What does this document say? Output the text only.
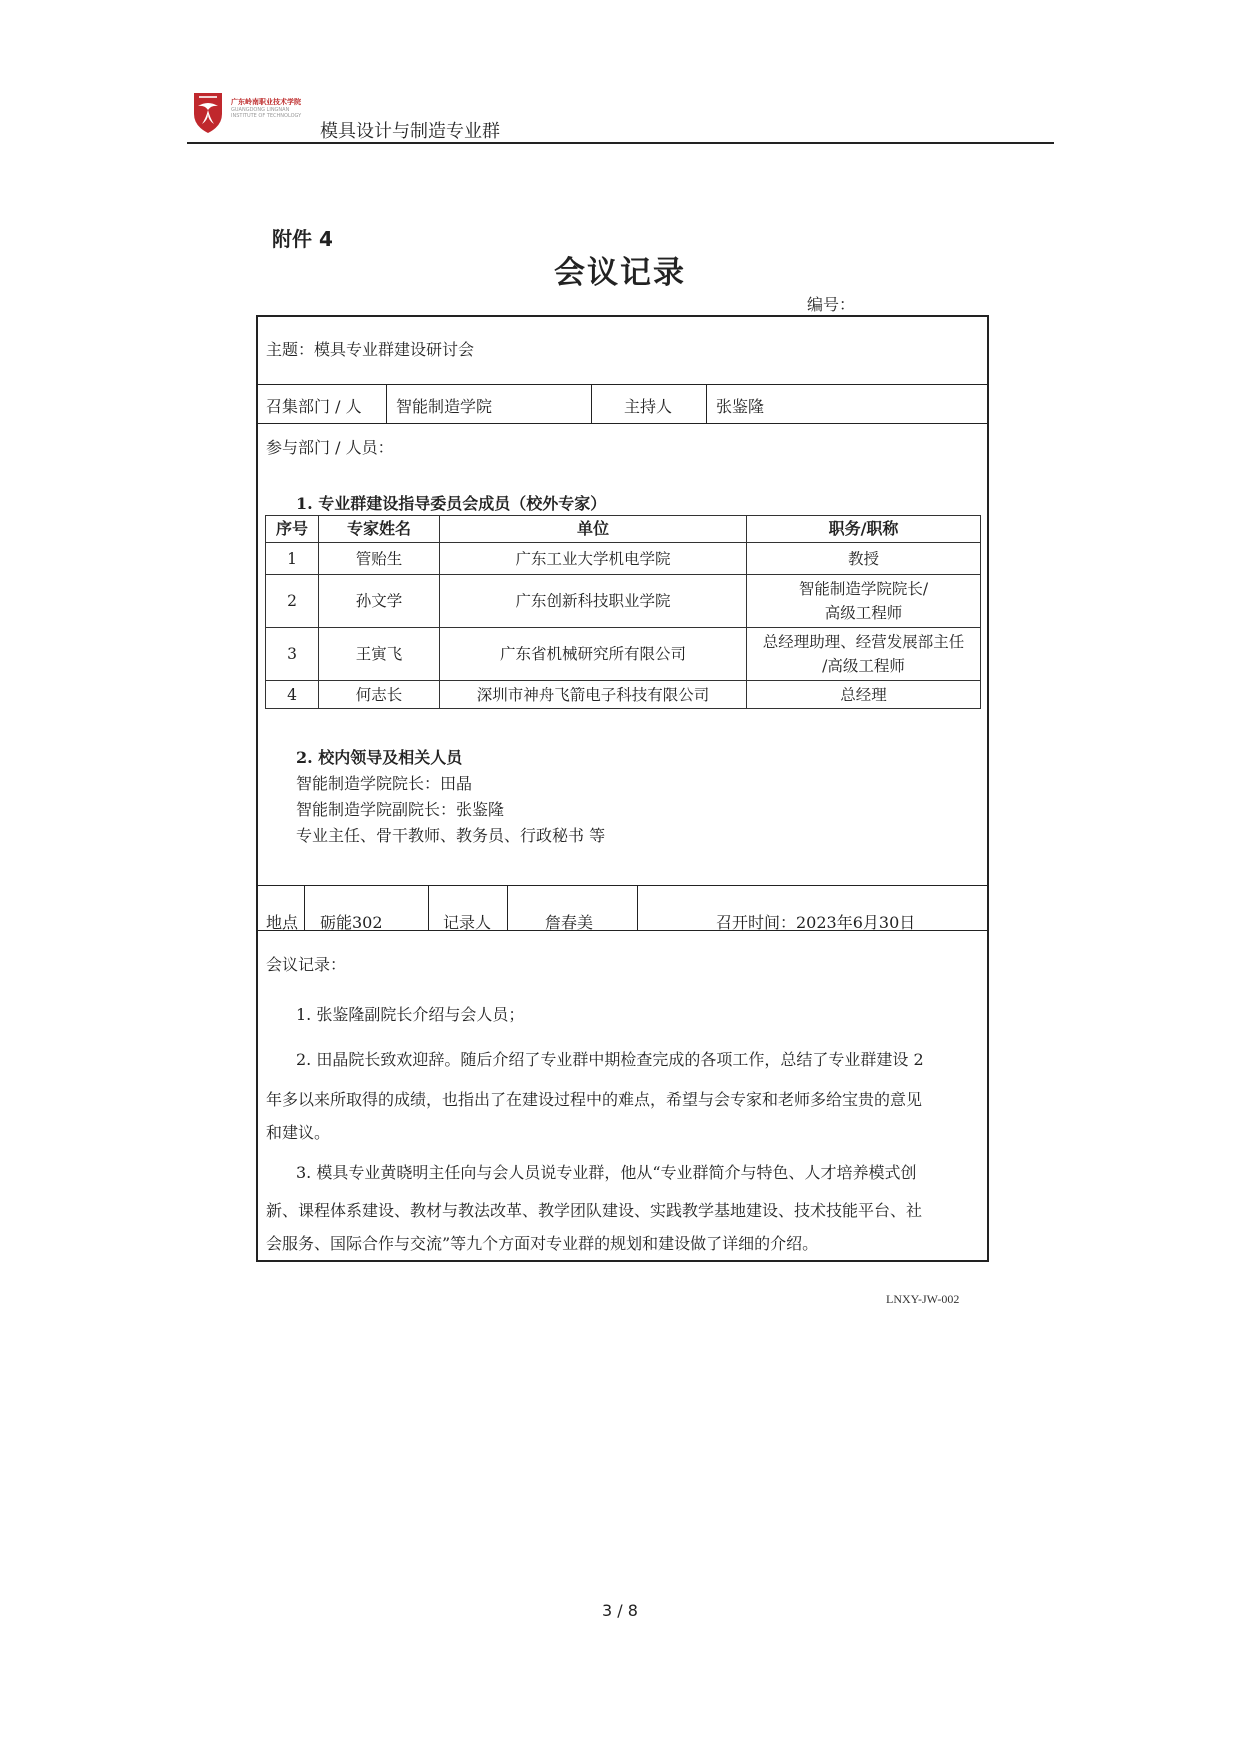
广东岭南职业技术学院
GUANGDONG LINGNAN
INSTITUTE OF TECHNOLOGY
模具设计与制造专业群
附件 4
会议记录
编号：
主题：模具专业群建设研讨会
召集部门 / 人 智能制造学院	主持人	张鉴隆
参与部门 / 人员：
1. 专业群建设指导委员会成员（校外专家）
2. 校内领导及相关人员
智能制造学院院长：田晶
智能制造学院副院长：张鉴隆
专业主任、骨干教师、教务员、行政秘书 等
地点 砺能302	记录人	詹春美	召开时间：2023年6月30日
会议记录：
1. 张鉴隆副院长介绍与会人员；
2. 田晶院长致欢迎辞。随后介绍了专业群中期检查完成的各项工作，总结了专业群建设 2
年多以来所取得的成绩，也指出了在建设过程中的难点，希望与会专家和老师多给宝贵的意见
和建议。
3. 模具专业黄晓明主任向与会人员说专业群，他从“专业群简介与特色、人才培养模式创
新、课程体系建设、教材与教法改革、教学团队建设、实践教学基地建设、技术技能平台、社
会服务、国际合作与交流”等九个方面对专业群的规划和建设做了详细的介绍。
序号	专家姓名	单位	职务/职称
1	管贻生	广东工业大学机电学院	教授
2	孙文学	广东创新科技职业学院	智能制造学院院长/
高级工程师

3	王寅飞	广东省机械研究所有限公司	总经理助理、经营发展部主任
/高级工程师

4	何志长	深圳市神舟飞箭电子科技有限公司	总经理
LNXY-JW-002
3 / 8
